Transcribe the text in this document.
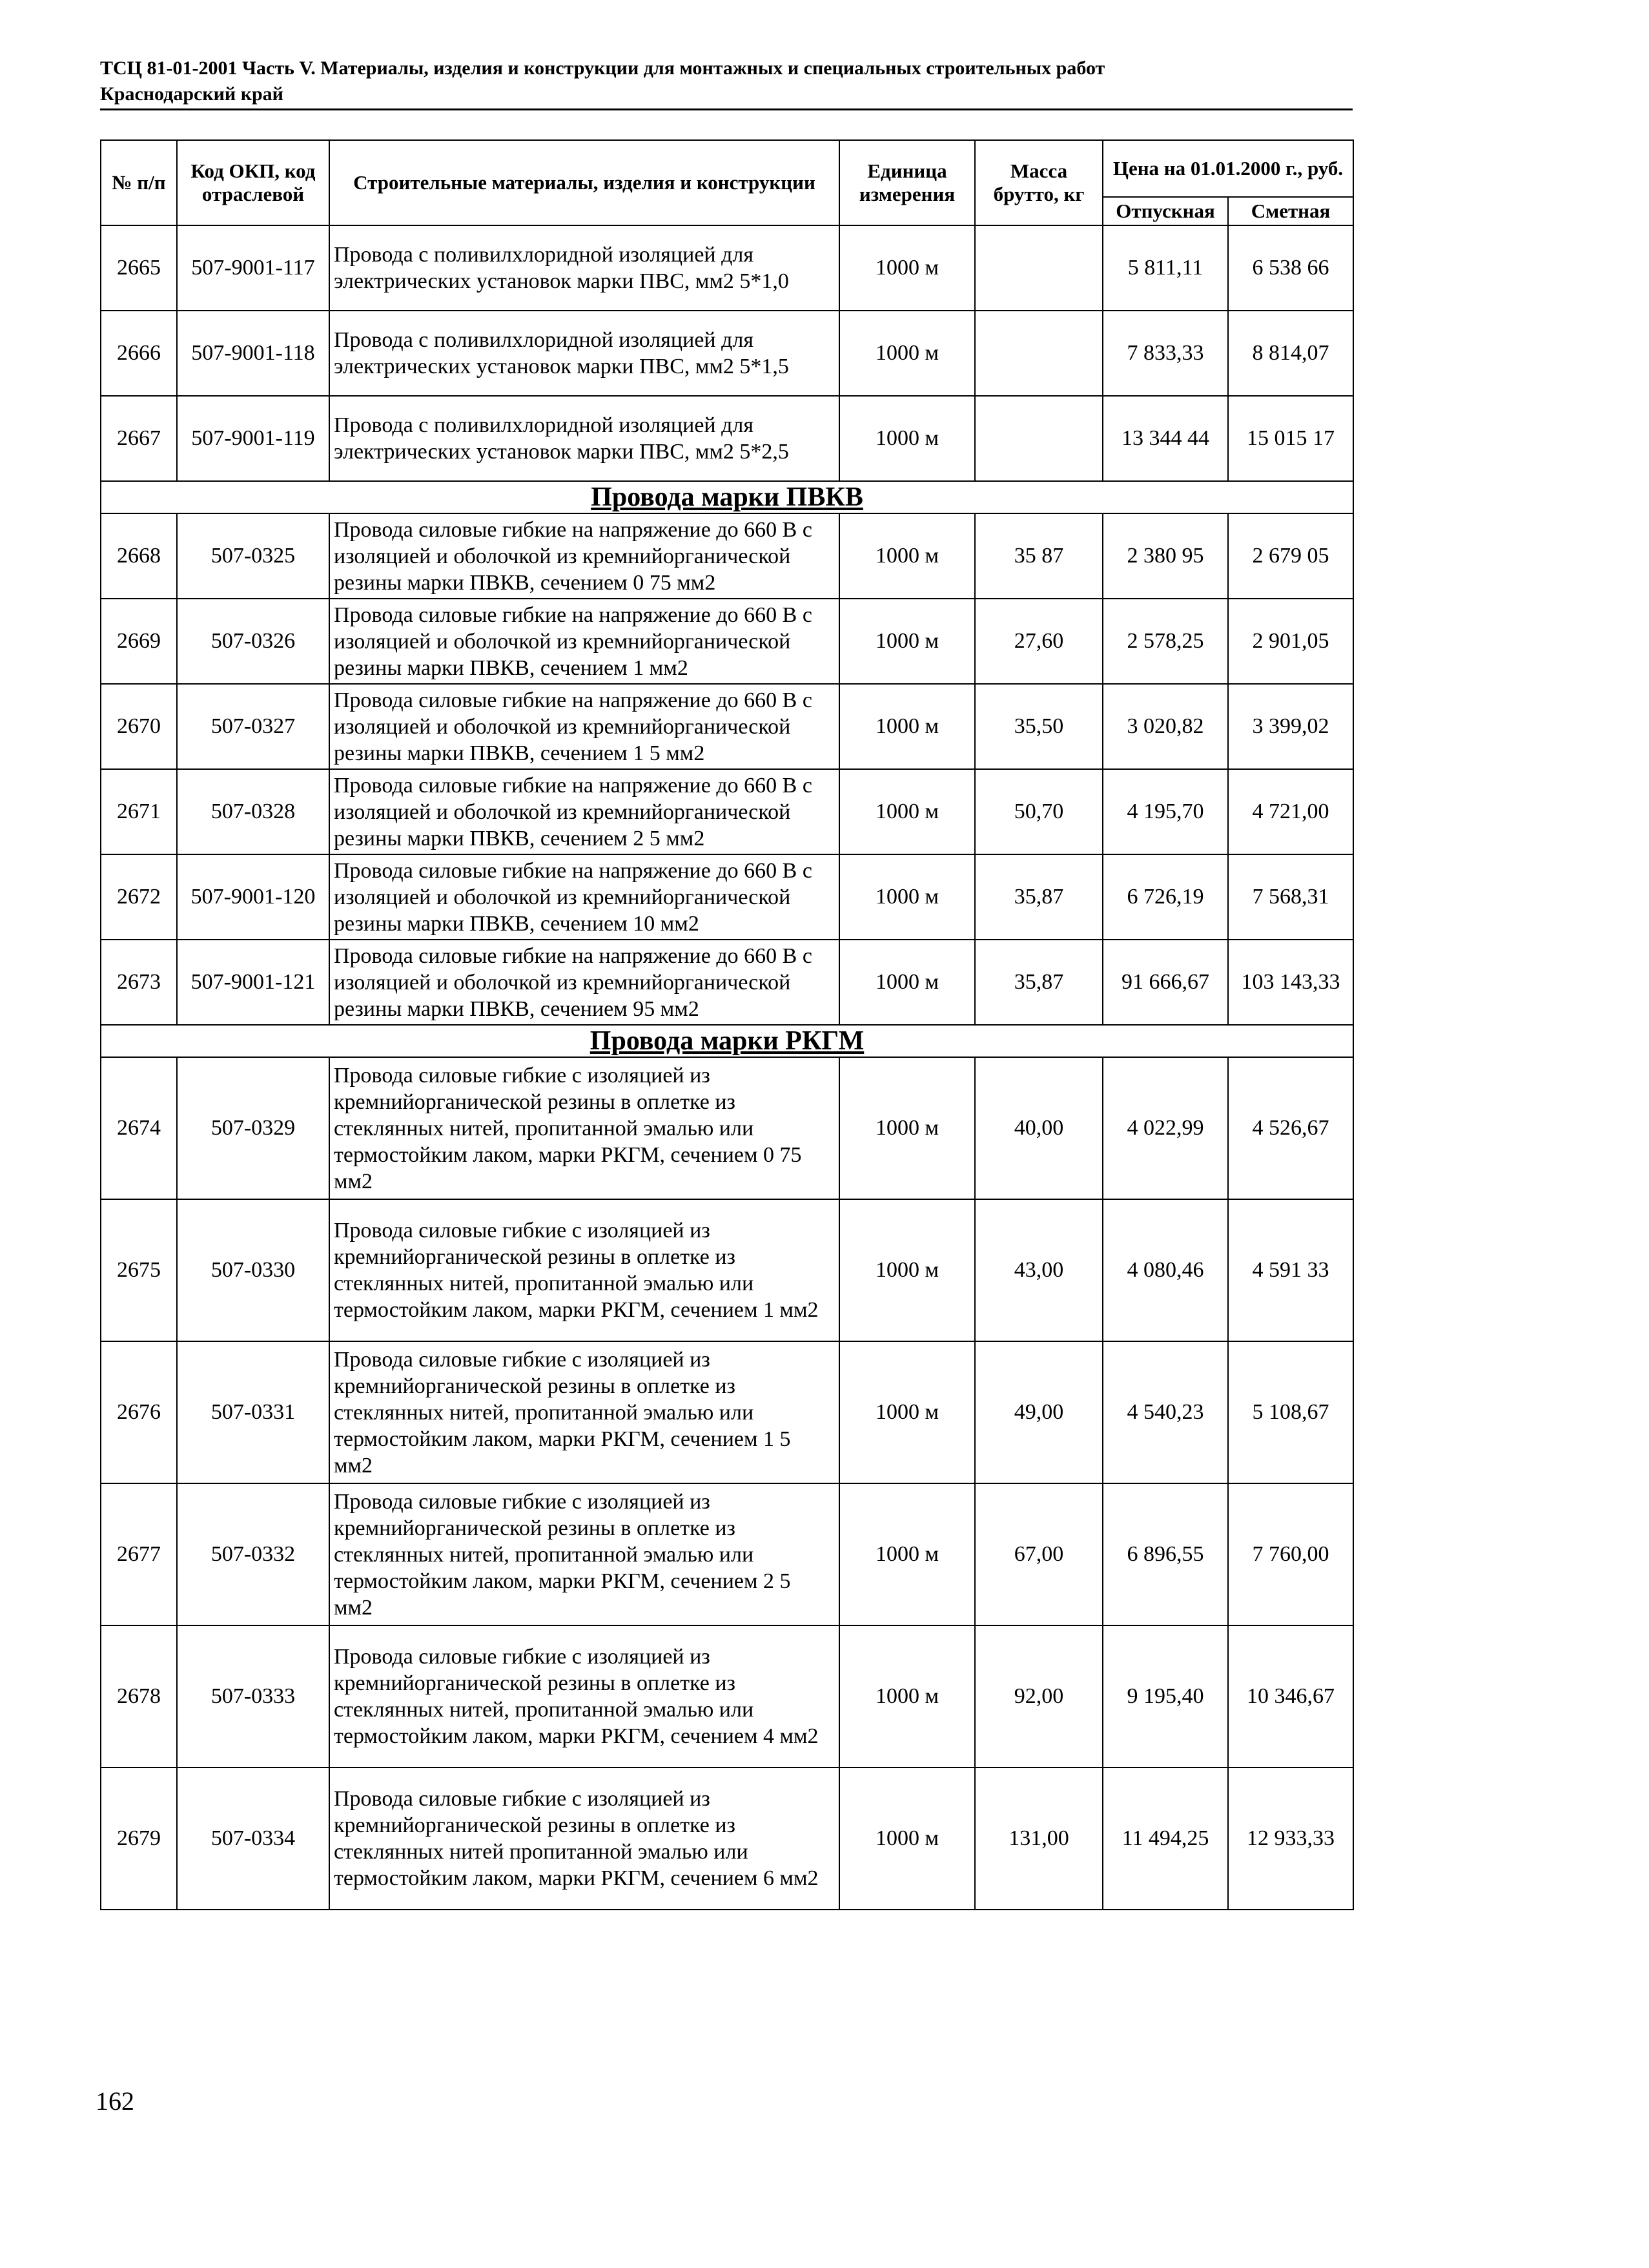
ТСЦ 81-01-2001 Часть V. Материалы, изделия и конструкции для монтажных и специальных строительных работ
Краснодарский край
№ п/п	Код ОКП, код отраслевой	Строительные материалы, изделия и конструкции	Единица измерения	Масса брутто, кг	Цена на 01.01.2000 г., руб.	
					Отпускная	Сметная
2665	507-9001-117	Провода с поливилхлоридной изоляцией для электрических установок марки ПВС, мм2 5*1,0	1000 м		5 811,11	6 538 66
2666	507-9001-118	Провода с поливилхлоридной изоляцией для электрических установок марки ПВС, мм2 5*1,5	1000 м		7 833,33	8 814,07
2667	507-9001-119	Провода с поливилхлоридной изоляцией для электрических установок марки ПВС, мм2 5*2,5	1000 м		13 344 44	15 015 17
Провода марки ПВКВ						
2668	507-0325	Провода силовые гибкие на напряжение до 660 В с изоляцией и оболочкой из кремнийорганической резины марки ПВКВ, сечением 0 75 мм2	1000 м	35 87	2 380 95	2 679 05
2669	507-0326	Провода силовые гибкие на напряжение до 660 В с изоляцией и оболочкой из кремнийорганической резины марки ПВКВ, сечением 1 мм2	1000 м	27,60	2 578,25	2 901,05
2670	507-0327	Провода силовые гибкие на напряжение до 660 В с изоляцией и оболочкой из кремнийорганической резины марки ПВКВ, сечением 1 5 мм2	1000 м	35,50	3 020,82	3 399,02
2671	507-0328	Провода силовые гибкие на напряжение до 660 В с изоляцией и оболочкой из кремнийорганической резины марки ПВКВ, сечением 2 5 мм2	1000 м	50,70	4 195,70	4 721,00
2672	507-9001-120	Провода силовые гибкие на напряжение до 660 В с изоляцией и оболочкой из кремнийорганической резины марки ПВКВ, сечением 10 мм2	1000 м	35,87	6 726,19	7 568,31
2673	507-9001-121	Провода силовые гибкие на напряжение до 660 В с изоляцией и оболочкой из кремнийорганической резины марки ПВКВ, сечением 95 мм2	1000 м	35,87	91 666,67	103 143,33
Провода марки РКГМ						
2674	507-0329	Провода силовые гибкие с изоляцией из кремнийорганической резины в оплетке из стеклянных нитей, пропитанной эмалью или термостойким лаком, марки РКГМ, сечением 0 75 мм2	1000 м	40,00	4 022,99	4 526,67
2675	507-0330	Провода силовые гибкие с изоляцией из кремнийорганической резины в оплетке из стеклянных нитей, пропитанной эмалью или термостойким лаком, марки РКГМ, сечением 1 мм2	1000 м	43,00	4 080,46	4 591 33
2676	507-0331	Провода силовые гибкие с изоляцией из кремнийорганической резины в оплетке из стеклянных нитей, пропитанной эмалью или термостойким лаком, марки РКГМ, сечением 1 5 мм2	1000 м	49,00	4 540,23	5 108,67
2677	507-0332	Провода силовые гибкие с изоляцией из кремнийорганической резины в оплетке из стеклянных нитей, пропитанной эмалью или термостойким лаком, марки РКГМ, сечением 2 5 мм2	1000 м	67,00	6 896,55	7 760,00
2678	507-0333	Провода силовые гибкие с изоляцией из кремнийорганической резины в оплетке из стеклянных нитей, пропитанной эмалью или термостойким лаком, марки РКГМ, сечением 4 мм2	1000 м	92,00	9 195,40	10 346,67
2679	507-0334	Провода силовые гибкие с изоляцией из кремнийорганической резины в оплетке из стеклянных нитей пропитанной эмалью или термостойким лаком, марки РКГМ, сечением 6 мм2	1000 м	131,00	11 494,25	12 933,33
162
